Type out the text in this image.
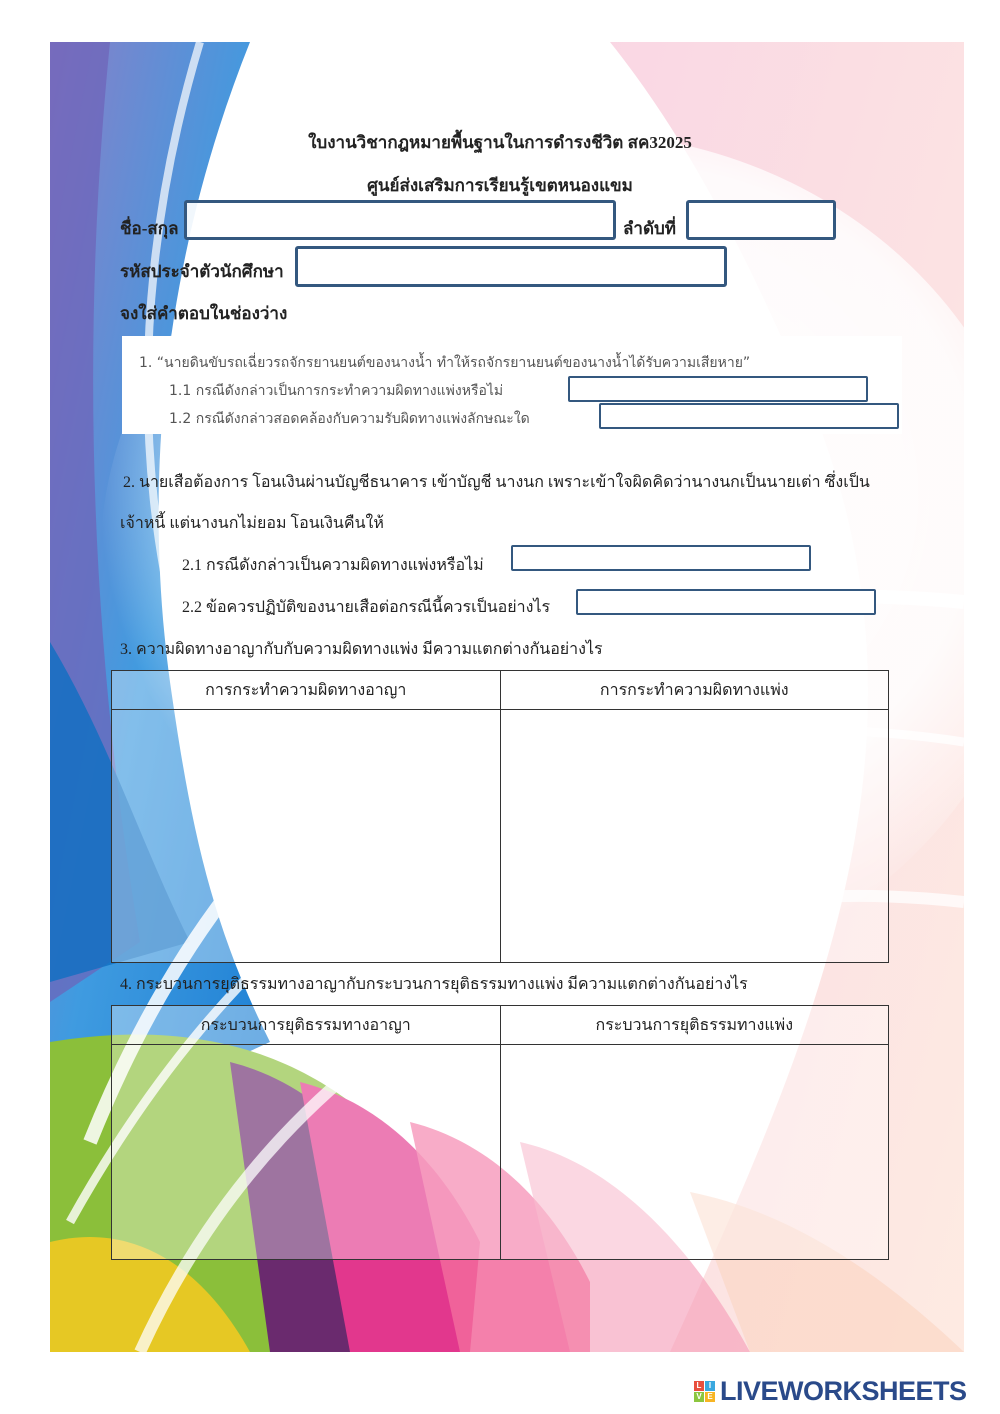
ใบงานวิชากฎหมายพื้นฐานในการดำรงชีวิต สค32025
ศูนย์ส่งเสริมการเรียนรู้เขตหนองแขม
ชื่อ-สกุล	ลำดับที่
รหัสประจำตัวนักศึกษา
จงใส่คำตอบในช่องว่าง
1. “นายดินขับรถเฉี่ยวรถจักรยานยนต์ของนางน้ำ ทำให้รถจักรยานยนต์ของนางน้ำได้รับความเสียหาย”
1.1 กรณีดังกล่าวเป็นการกระทำความผิดทางแพ่งหรือไม่
1.2 กรณีดังกล่าวสอดคล้องกับความรับผิดทางแพ่งลักษณะใด
2. นายเสือต้องการ โอนเงินผ่านบัญชีธนาคาร เข้าบัญชี นางนก เพราะเข้าใจผิดคิดว่านางนกเป็นนายเต่า ซึ่งเป็น
เจ้าหนี้ แต่นางนกไม่ยอม โอนเงินคืนให้
2.1 กรณีดังกล่าวเป็นความผิดทางแพ่งหรือไม่
2.2 ข้อควรปฏิบัติของนายเสือต่อกรณีนี้ควรเป็นอย่างไร
3. ความผิดทางอาญากับกับความผิดทางแพ่ง มีความแตกต่างกันอย่างไร
การกระทำความผิดทางอาญา	การกระทำความผิดทางแพ่ง

4. กระบวนการยุติธรรมทางอาญากับกระบวนการยุติธรรมทางแพ่ง มีความแตกต่างกันอย่างไร
กระบวนการยุติธรรมทางอาญา	กระบวนการยุติธรรมทางแพ่ง

L I
V E LIVEWORKSHEETS
